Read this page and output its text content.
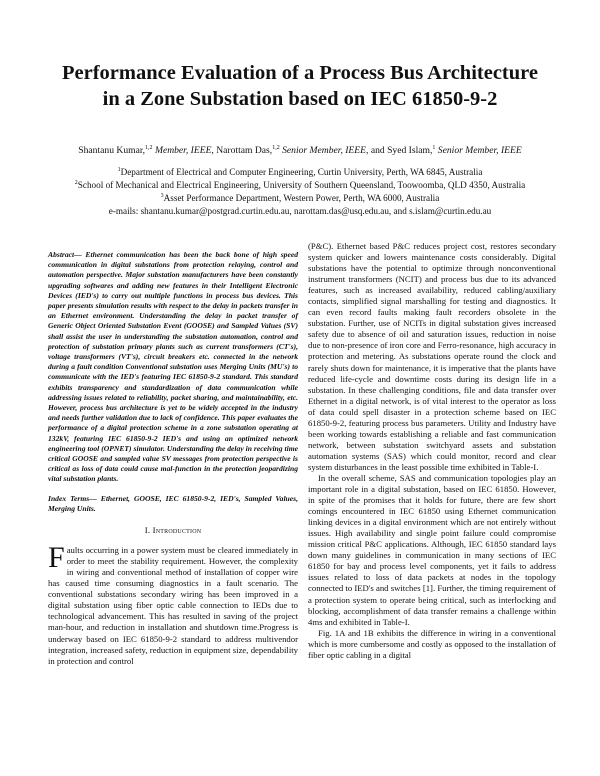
Performance Evaluation of a Process Bus Architecture in a Zone Substation based on IEC 61850-9-2
Shantanu Kumar,$^{1,2}$ Member, IEEE, Narottam Das,$^{1,2}$ Senior Member, IEEE, and Syed Islam,$^1$ Senior Member, IEEE
$^1$Department of Electrical and Computer Engineering, Curtin University, Perth, WA 6845, Australia
$^2$School of Mechanical and Electrical Engineering, University of Southern Queensland, Toowoomba, QLD 4350, Australia
$^3$Asset Performance Department, Western Power, Perth, WA 6000, Australia
e-mails: shantanu.kumar@postgrad.curtin.edu.au, narottam.das@usq.edu.au, and s.islam@curtin.edu.au

Abstract— Ethernet communication has been the back bone of high speed communication in digital substations from protection relaying, control and automation perspective. Major substation manufacturers have been constantly upgrading softwares and adding new features in their Intelligent Electronic Devices (IED's) to carry out multiple functions in process bus devices. This paper presents simulation results with respect to the delay in packets transfer in an Ethernet environment. Understanding the delay in packet transfer of Generic Object Oriented Substation Event (GOOSE) and Sampled Values (SV) shall assist the user in understanding the substation automation, control and protection of substation primary plants such as current transformers (CT's), voltage transformers (VT's), circuit breakers etc. connected in the network during a fault condition Conventional substation uses Merging Units (MU's) to communicate with the IED's featuring IEC 61850-9-2 standard. This standard exhibits transparency and standardization of data communication while addressing issues related to reliability, packet sharing, and maintainability, etc. However, process bus architecture is yet to be widely accepted in the industry and needs further validation due to lack of confidence. This paper evaluates the performance of a digital protection scheme in a zone substation operating at 132kV, featuring IEC 61850-9-2 IED's and using an optimized network engineering tool (OPNET) simulator. Understanding the delay in receiving time critical GOOSE and sampled value SV messages from protection perspective is critical as loss of data could cause mal-function in the protection jeopardizing vital substation plants.

Index Terms— Ethernet, GOOSE, IEC 61850-9-2, IED's, Sampled Values, Merging Units.

I. Introduction

Faults occurring in a power system must be cleared immediately in order to meet the stability requirement. However, the complexity in wiring and conventional method of installation of copper wire has caused time consuming diagnostics in a fault scenario. The conventional substations secondary wiring has been improved in a digital substation using fiber optic cable connection to IEDs due to technological advancement. This has resulted in saving of the project man-hour, and reduction in installation and shutdown time.Progress is underway based on IEC 61850-9-2 standard to address multivendor integration, increased safety, reduction in equipment size, dependability in protection and control

(P&C). Ethernet based P&C reduces project cost, restores secondary system quicker and lowers maintenance costs considerably. Digital substations have the potential to optimize through nonconventional instrument transformers (NCIT) and process bus due to its advanced features, such as increased availability, reduced cabling/auxiliary contacts, simplified signal marshalling for testing and diagnostics. It can even record faults making fault recorders obsolete in the substation. Further, use of NCITs in digital substation gives increased safety due to absence of oil and saturation issues, reduction in noise due to non-presence of iron core and Ferro-resonance, high accuracy in protection and metering. As substations operate round the clock and rarely shuts down for maintenance, it is imperative that the plants have reduced life-cycle and downtime costs during its design life in a substation. In these challenging conditions, file and data transfer over Ethernet in a digital network, is of vital interest to the operator as loss of data could spell disaster in a protection scheme based on IEC 61850-9-2, featuring process bus parameters. Utility and Industry have been working towards establishing a reliable and fast communication network, between substation switchyard assets and substation automation systems (SAS) which could monitor, record and clear system disturbances in the least possible time exhibited in Table-I.

In the overall scheme, SAS and communication topologies play an important role in a digital substation, based on IEC 61850. However, in spite of the promises that it holds for future, there are few short comings encountered in IEC 61850 using Ethernet communication linking devices in a digital environment which are not entirely without issues. High availability and single point failure could compromise mission critical P&C applications. Although, IEC 61850 standard lays down many guidelines in communication in many sections of IEC 61850 for bay and process level components, yet it fails to address issues related to loss of data packets at nodes in the topology connected to IED's and switches [1]. Further, the timing requirement of a protection system to operate being critical, such as interlocking and blocking, accomplishment of data transfer remains a challenge within 4ms and exhibited in Table-I.

Fig. 1A and 1B exhibits the difference in wiring in a conventional which is more cumbersome and costly as opposed to the installation of fiber optic cabling in a digital
